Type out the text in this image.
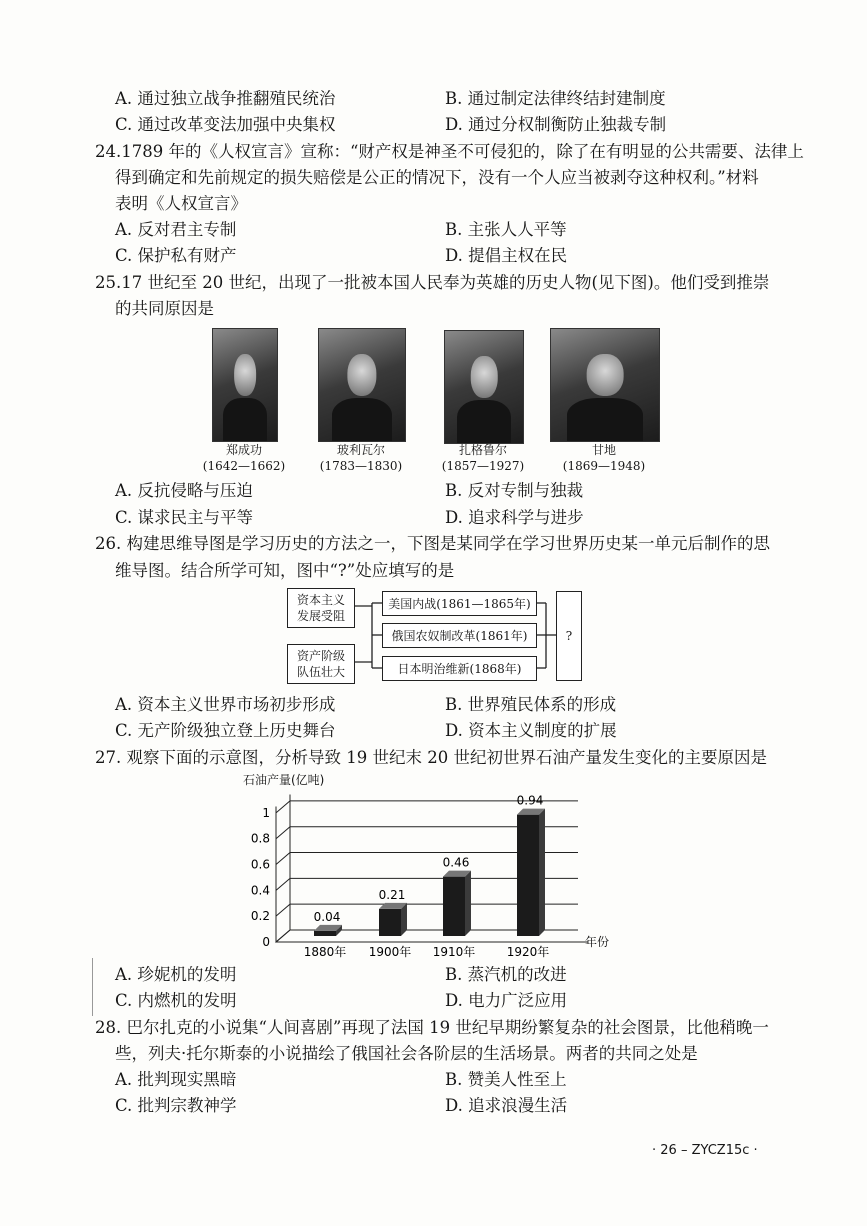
A. 通过独立战争推翻殖民统治	B. 通过制定法律终结封建制度
C. 通过改革变法加强中央集权	D. 通过分权制衡防止独裁专制
24.1789 年的《人权宣言》宣称：“财产权是神圣不可侵犯的，除了在有明显的公共需要、法律上
得到确定和先前规定的损失赔偿是公正的情况下，没有一个人应当被剥夺这种权利。”材料
表明《人权宣言》
A. 反对君主专制	B. 主张人人平等
C. 保护私有财产	D. 提倡主权在民
25.17 世纪至 20 世纪，出现了一批被本国人民奉为英雄的历史人物(见下图)。他们受到推崇
的共同原因是
郑成功
(1642—1662)
玻利瓦尔
(1783—1830)
扎格鲁尔
(1857—1927)
甘地
(1869—1948)
A. 反抗侵略与压迫	B. 反对专制与独裁
C. 谋求民主与平等	D. 追求科学与进步
26. 构建思维导图是学习历史的方法之一，下图是某同学在学习世界历史某一单元后制作的思
维导图。结合所学可知，图中“?”处应填写的是
资本主义发展受阻
资产阶级队伍壮大
美国内战(1861—1865年)
俄国农奴制改革(1861年)
日本明治维新(1868年)
?
A. 资本主义世界市场初步形成	B. 世界殖民体系的形成
C. 无产阶级独立登上历史舞台	D. 资本主义制度的扩展
27. 观察下面的示意图，分析导致 19 世纪末 20 世纪初世界石油产量发生变化的主要原因是
石油产量(亿吨)
0
0.2
0.4
0.6
0.8
1
0.04
0.21
0.46
0.94
1880年 1900年 1910年	1920年
年份
A. 珍妮机的发明	B. 蒸汽机的改进
C. 内燃机的发明	D. 电力广泛应用
28. 巴尔扎克的小说集“人间喜剧”再现了法国 19 世纪早期纷繁复杂的社会图景，比他稍晚一
些，列夫·托尔斯泰的小说描绘了俄国社会各阶层的生活场景。两者的共同之处是
A. 批判现实黑暗	B. 赞美人性至上
C. 批判宗教神学	D. 追求浪漫生活
· 26 – ZYCZ15c ·
